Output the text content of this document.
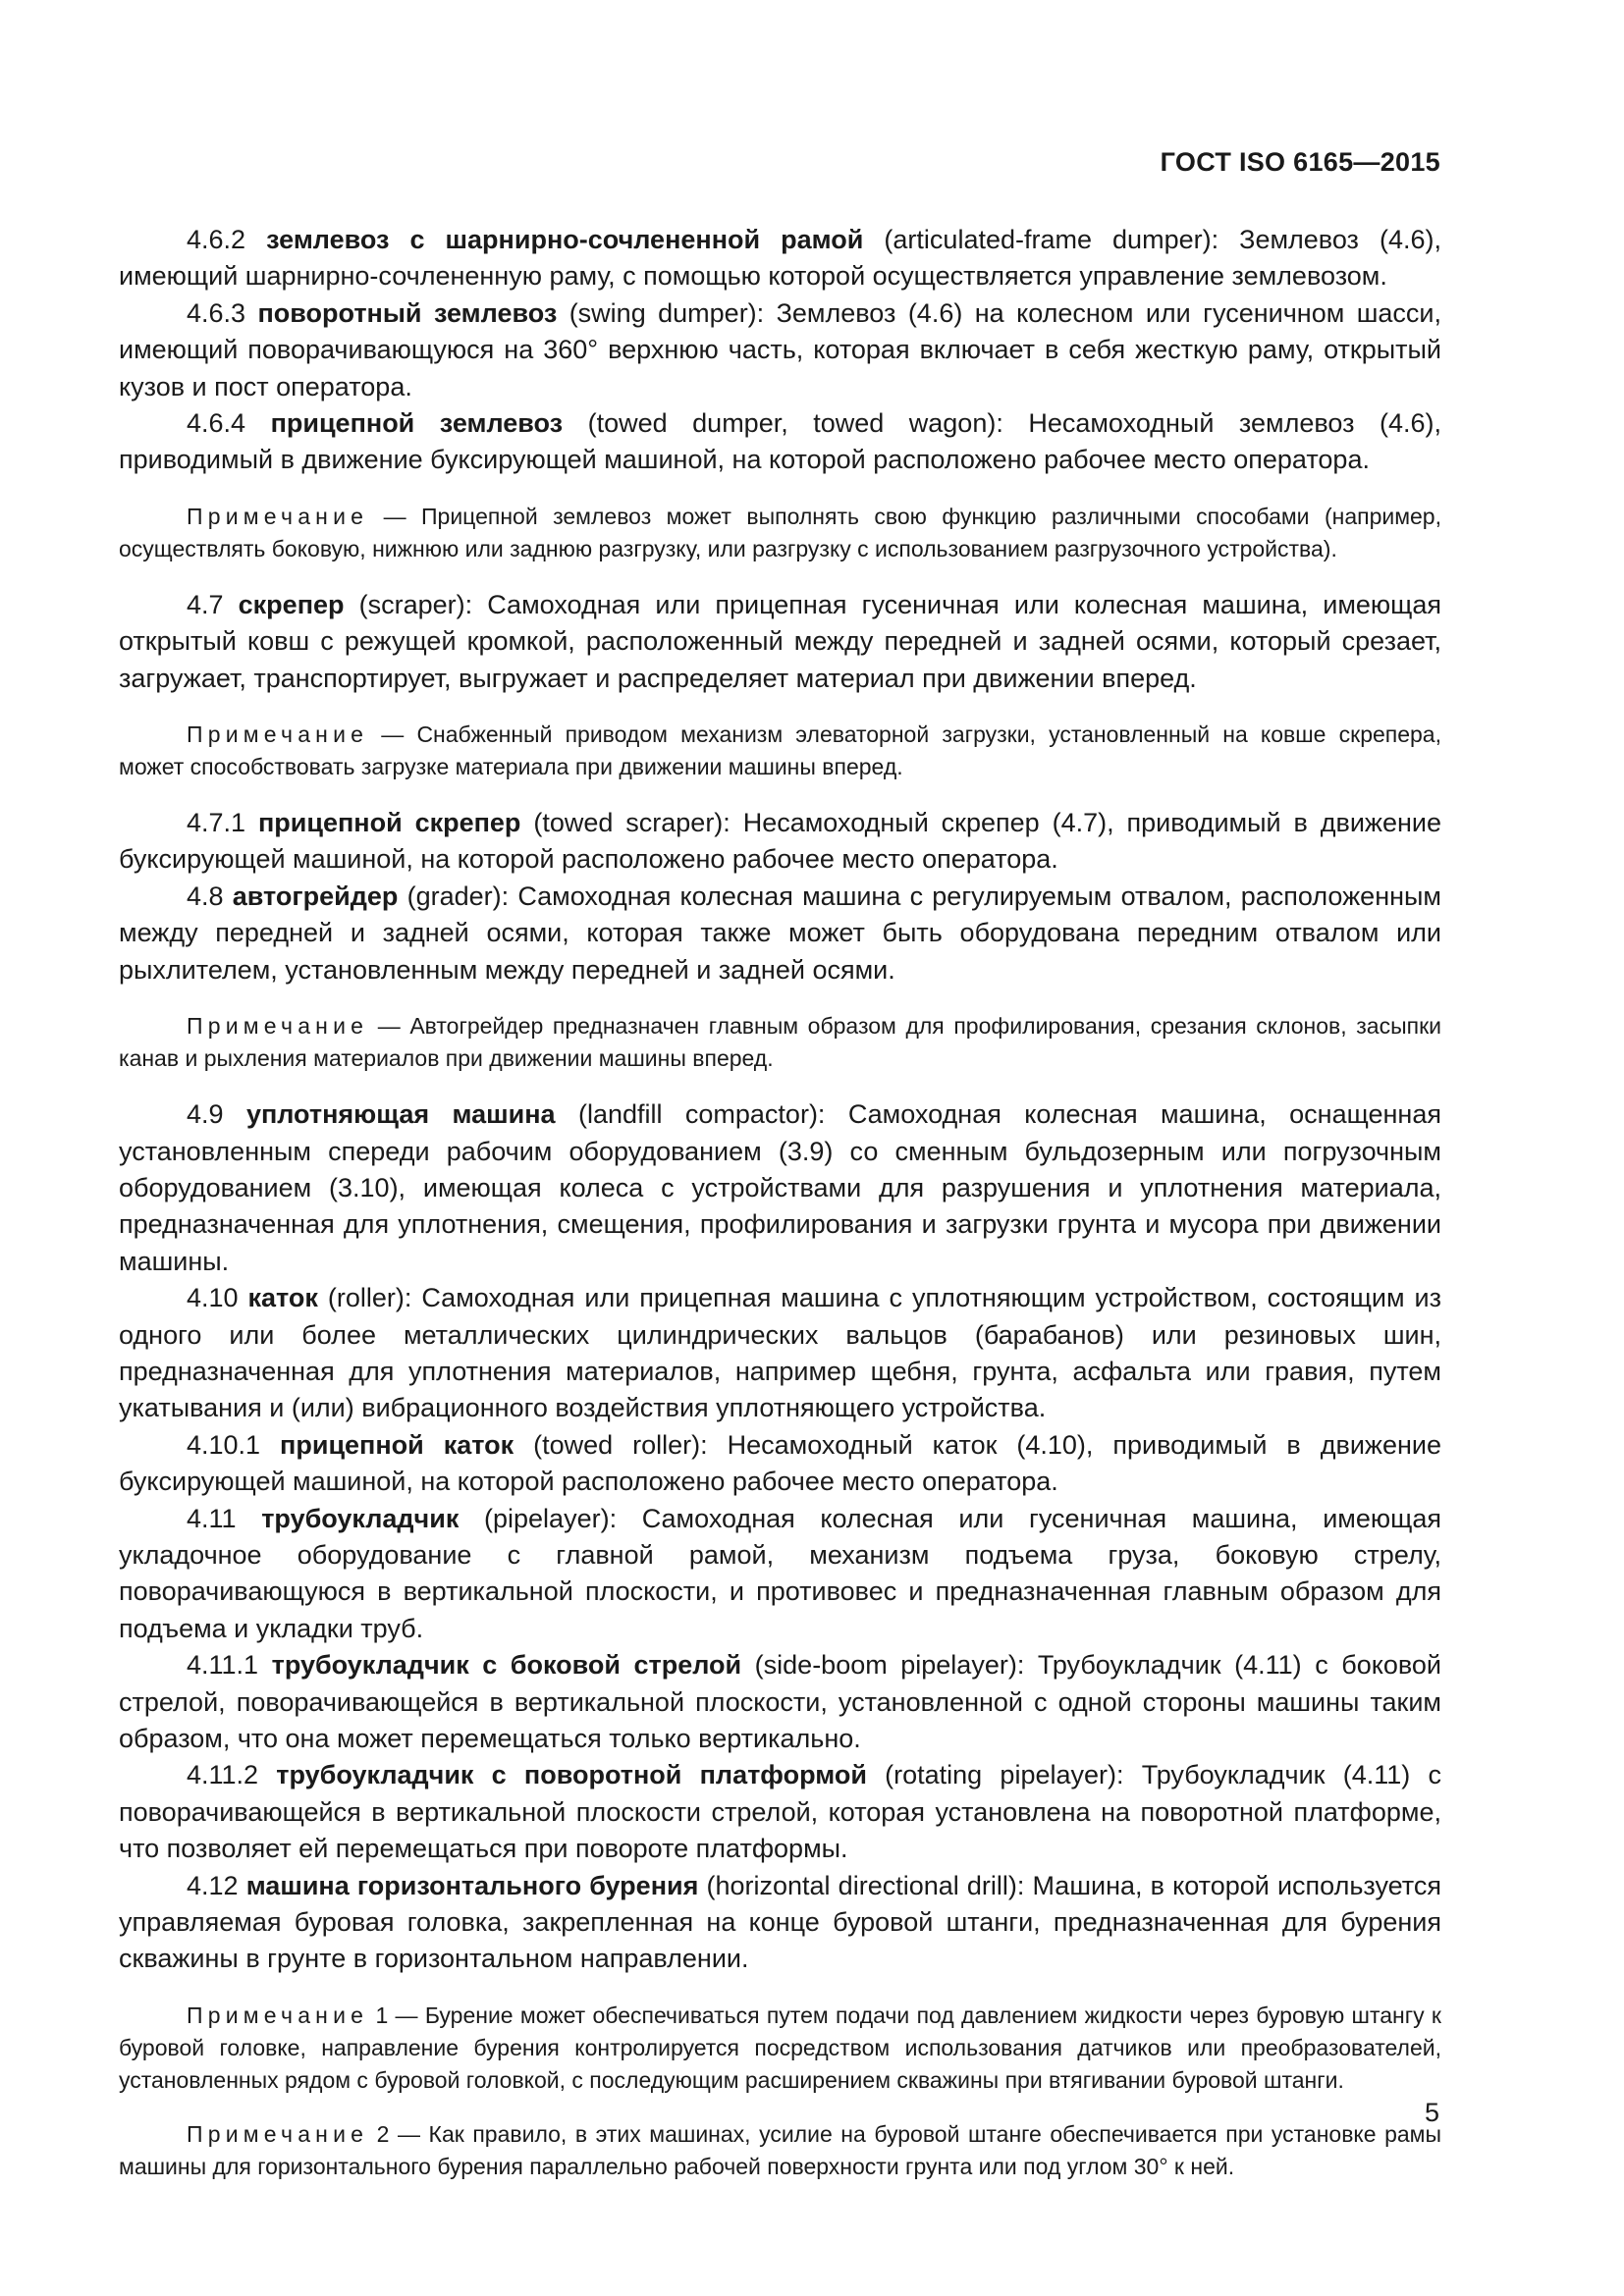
ГОСТ ISO 6165—2015

4.6.2 землевоз с шарнирно-сочлененной рамой (articulated-frame dumper): Землевоз (4.6), имеющий шарнирно-сочлененную раму, с помощью которой осуществляется управление землевозом.

4.6.3 поворотный землевоз (swing dumper): Землевоз (4.6) на колесном или гусеничном шасси, имеющий поворачивающуюся на 360° верхнюю часть, которая включает в себя жесткую раму, открытый кузов и пост оператора.

4.6.4 прицепной землевоз (towed dumper, towed wagon): Несамоходный землевоз (4.6), приводимый в движение буксирующей машиной, на которой расположено рабочее место оператора.

Примечание — Прицепной землевоз может выполнять свою функцию различными способами (например, осуществлять боковую, нижнюю или заднюю разгрузку, или разгрузку с использованием разгрузочного устройства).

4.7 скрепер (scraper): Самоходная или прицепная гусеничная или колесная машина, имеющая открытый ковш с режущей кромкой, расположенный между передней и задней осями, который срезает, загружает, транспортирует, выгружает и распределяет материал при движении вперед.

Примечание — Снабженный приводом механизм элеваторной загрузки, установленный на ковше скрепера, может способствовать загрузке материала при движении машины вперед.

4.7.1 прицепной скрепер (towed scraper): Несамоходный скрепер (4.7), приводимый в движение буксирующей машиной, на которой расположено рабочее место оператора.

4.8 автогрейдер (grader): Самоходная колесная машина с регулируемым отвалом, расположенным между передней и задней осями, которая также может быть оборудована передним отвалом или рыхлителем, установленным между передней и задней осями.

Примечание — Автогрейдер предназначен главным образом для профилирования, срезания склонов, засыпки канав и рыхления материалов при движении машины вперед.

4.9 уплотняющая машина (landfill compactor): Самоходная колесная машина, оснащенная установленным спереди рабочим оборудованием (3.9) со сменным бульдозерным или погрузочным оборудованием (3.10), имеющая колеса с устройствами для разрушения и уплотнения материала, предназначенная для уплотнения, смещения, профилирования и загрузки грунта и мусора при движении машины.

4.10 каток (roller): Самоходная или прицепная машина с уплотняющим устройством, состоящим из одного или более металлических цилиндрических вальцов (барабанов) или резиновых шин, предназначенная для уплотнения материалов, например щебня, грунта, асфальта или гравия, путем укатывания и (или) вибрационного воздействия уплотняющего устройства.

4.10.1 прицепной каток (towed roller): Несамоходный каток (4.10), приводимый в движение буксирующей машиной, на которой расположено рабочее место оператора.

4.11 трубоукладчик (pipelayer): Самоходная колесная или гусеничная машина, имеющая укладочное оборудование с главной рамой, механизм подъема груза, боковую стрелу, поворачивающуюся в вертикальной плоскости, и противовес и предназначенная главным образом для подъема и укладки труб.

4.11.1 трубоукладчик с боковой стрелой (side-boom pipelayer): Трубоукладчик (4.11) с боковой стрелой, поворачивающейся в вертикальной плоскости, установленной с одной стороны машины таким образом, что она может перемещаться только вертикально.

4.11.2 трубоукладчик с поворотной платформой (rotating pipelayer): Трубоукладчик (4.11) с поворачивающейся в вертикальной плоскости стрелой, которая установлена на поворотной платформе, что позволяет ей перемещаться при повороте платформы.

4.12 машина горизонтального бурения (horizontal directional drill): Машина, в которой используется управляемая буровая головка, закрепленная на конце буровой штанги, предназначенная для бурения скважины в грунте в горизонтальном направлении.

Примечание 1 — Бурение может обеспечиваться путем подачи под давлением жидкости через буровую штангу к буровой головке, направление бурения контролируется посредством использования датчиков или преобразователей, установленных рядом с буровой головкой, с последующим расширением скважины при втягивании буровой штанги.

Примечание 2 — Как правило, в этих машинах, усилие на буровой штанге обеспечивается при установке рамы машины для горизонтального бурения параллельно рабочей поверхности грунта или под углом 30° к ней.

5
